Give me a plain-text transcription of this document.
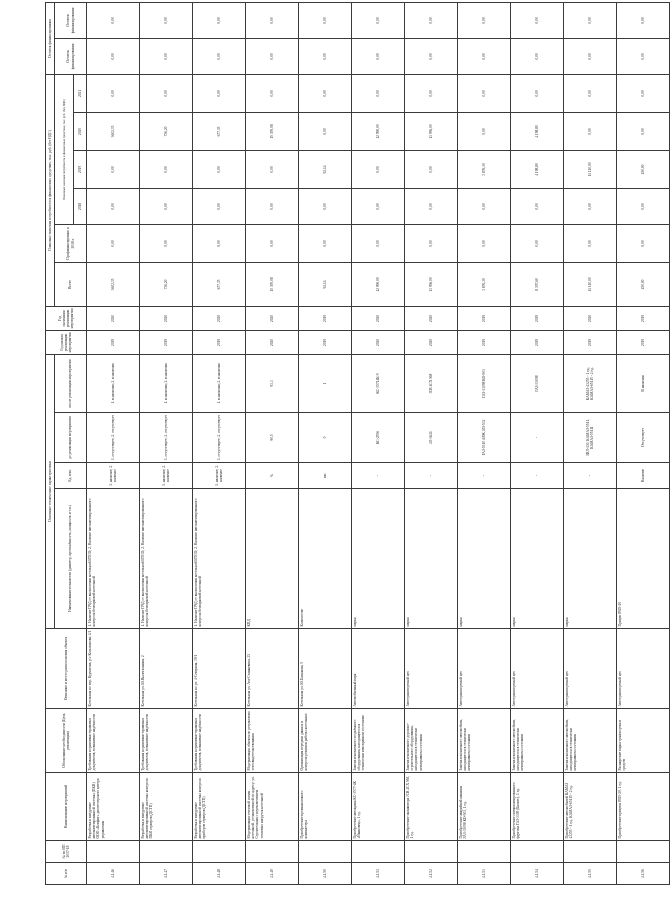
№ п/п	№ по ИП 2017-18	Наименование мероприятий	Обоснование необходимости (Цель реализации)	Описание и место расположения объекта	Основные технические характеристики				Год начала реализации мероприятия	Год окончания реализации мероприятия	Плановые значения потребности в финансовых средствах, тыс. руб. (без НДС)						Остаток финансирования	
					Наименование показателя (диаметр, протяжённость, мощность и т.п.)	Ед. изм.	до реализации мероприятия	после реализации мероприятия			Всего	Профинансировано к 2018 г.	Плановые значения потребности в финансовых средствах, тыс. руб. (без НДС)				Остаток финансирования	Остаток финансирования
													2018	2019	2020	2021		
4.1.46		Разработка и внедрение автоматизированной системы (ПКИ) ООО «Конфиг» диспетчерского центра управления	Требования нормативно-правовых документов, повышение надёжности	Котельная по пер. Курчатова, р/с Колыханова, 4/1	1. Наличие ПЧД от вычисления котельной ИТСО; 2. Наличие автоматизированного контроля беспарковой котельной	1. наличие; 2. наличие	1. отсутствует; 2. отсутствует	1. в наличии; 2. в наличии	2019	2020	3602,35	0,00	0,00	0,00	3602,35	0,00	0,00	0,00
4.1.47		Разработка и внедрение автоматизированной системы контроля ПКИ серверов (ДСТП)	Требования нормативно-правовых документов, повышение надёжности	Котельная ул. Ю.Вылегжанина, 2	1. Наличие ПЧД от вычисления котельной ИТСО; 2. Наличие автоматизированного контроля беспарковой котельной	1. наличие; 2. наличие	1. отсутствует; 2. отсутствует	1. в наличии; 2. в наличии	2019	2020	736,20	0,00	0,00	0,00	736,20	0,00	0,00	0,00
4.1.48		Разработка и внедрение автоматизированной системы контроля приборов серверов (ДСТП)	Требования нормативно-правовых документов, повышение надёжности	Котельная по ул. 4-Северная, 39/1	1. Наличие ПЧД от вычисления котельной ИТСО; 2. Наличие автоматизированного контроля беспарковой котельной	1. наличие; 2. наличие	1. отсутствует; 2. отсутствует	1. в наличии; 2. в наличии	2019	2020	677,35	0,00	0,00	0,00	677,35	0,00	0,00	0,00
4.1.49		Модернизация тепловой схемы котельной, установленной по адресу: ул. Строительная с переключением тепловых нагрузок котельной	Модернизация объекта по результатам техосвидетельствования	Котельная ул. Ата-Сташкевича, 23	КПД	%	90,5	93,3	2020	2020	15 395,08	0,00	0,00	0,00	15 395,08	0,00	0,00	0,00
4.1.50		Приобретение промышленного компьютера	Организация передачи данных и контроля режимов работы котельных	Котельная ул. Ю.Балыкова, 5	Количество	шт.	0	1	2019	2019	92,14	0,00	0,00	92,14	0,00	0,00	0,00	0,00
4.1.51		Приобретение автокрана КС-3577-4К «Ивановец», 1 ед.	Замена изношенного подъёмного оборудования, находящегося в технически неисправном состоянии	Автомобильный парк	марка	-	КС-2556	КС-35714К-5	2020	2020	12 990,00	0,00	0,00	0,00	12 990,00	0,00	0,00	0,00
4.1.52		Приобретение экскаватора JCB 4CX SM, 1 ед.	Замена изношенного дорожно-строительного оборудования, находящегося в технически неисправном состоянии	Автотранспортный цех	марка	-	2Л-3621	JCB 4CX SM	2020	2020	13 956,00	0,00	0,00	0,00	13 956,00	0,00	0,00	0,00
4.1.53		Приобретение аварийной машины ГАЗ-33098 КО-503, 1 ед.	Замена изношенного автомобиля, находящегося в технически неисправном состоянии	Автотранспортный цех	марка	-	ГАЗ-5310 АРЖ, ИЗ-532	ГАЗ-33098 КО-503	2019	2019	3 876,30	0,00	0,00	3 876,30	0,00	0,00	0,00	0,00
4.1.54		Приобретение специализированного фургона ГАЗ-3309 (Бизнес), 1 ед.	Замена изношенного автомобиля, находящегося в технически неисправном состоянии	Автотранспортный цех	марка	-	-	ГАЗ-33098	2019	2019	8 397,60	0,00	0,00	4 198,80	4 198,80	0,00	0,00	0,00
4.1.55		Приобретение автомобилей КАМАЗ 43255 - 1 ед., КАМАЗ-65115 - 2 ед.	Замена изношенного автомобиля, находящегося в технически неисправном состоянии	Автотранспортный цех	марка	-	ЗИЛ-130, КАМАЗ-5511, КАМАЗ-55111	КАМАЗ-43255 - 1 ед., КАМАЗ-65115 - 2 ед.	2019	2020	11 110,00	0,00	0,00	11 110,00	0,00	0,00	0,00	0,00
4.1.56		Приобретение прицепа 8925-20, 1 ед.	Расширение парка транспортных средств	Автотранспортный цех	Прицеп 8925-20	Наличие	Отсутствует	В наличии	2019	2019	450,00	0,00	0,00	450,00	0,00	0,00	0,00	0,00
